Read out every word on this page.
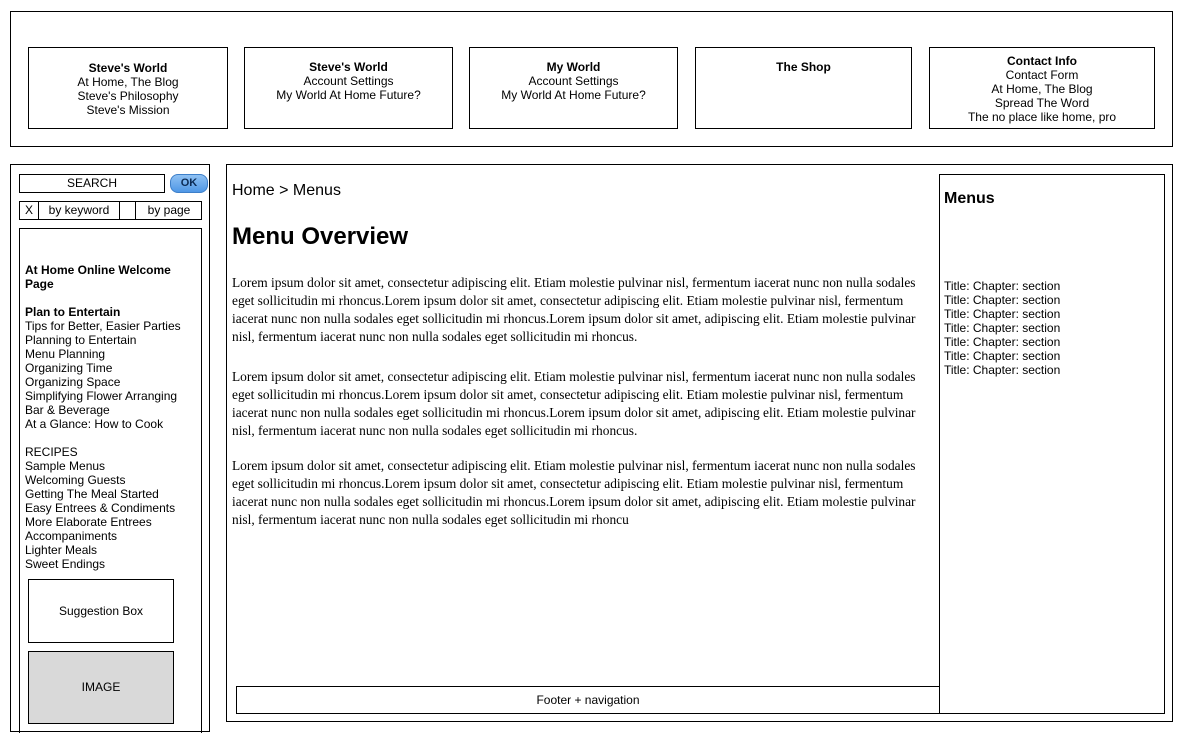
Steve's World
At Home, The Blog
Steve's Philosophy
Steve's Mission
Steve's World
Account Settings
My World At Home Future?
My World
Account Settings
My World At Home Future?
The Shop	Contact Info
Contact Form
At Home, The Blog
Spread The Word
The no place like home, pro
SEARCH	OK
X	by keyword	by page
At Home Online Welcome Page
Plan to Entertain
Tips for Better, Easier Parties
Planning to Entertain
Menu Planning
Organizing Time
Organizing Space
Simplifying Flower Arranging
Bar & Beverage
At a Glance: How to Cook
RECIPES
Sample Menus
Welcoming Guests
Getting The Meal Started
Easy Entrees & Condiments
More Elaborate Entrees
Accompaniments
Lighter Meals
Sweet Endings
Suggestion Box
IMAGE
Home > Menus
Menu Overview

Lorem ipsum dolor sit amet, consectetur adipiscing elit. Etiam molestie pulvinar nisl, fermentum iacerat nunc non nulla sodales eget sollicitudin mi rhoncus.Lorem ipsum dolor sit amet, consectetur adipiscing elit. Etiam molestie pulvinar nisl, fermentum iacerat nunc non nulla sodales eget sollicitudin mi rhoncus.Lorem ipsum dolor sit amet, adipiscing elit. Etiam molestie pulvinar nisl, fermentum iacerat nunc non nulla sodales eget sollicitudin mi rhoncus.

Lorem ipsum dolor sit amet, consectetur adipiscing elit. Etiam molestie pulvinar nisl, fermentum iacerat nunc non nulla sodales eget sollicitudin mi rhoncus.Lorem ipsum dolor sit amet, consectetur adipiscing elit. Etiam molestie pulvinar nisl, fermentum iacerat nunc non nulla sodales eget sollicitudin mi rhoncus.Lorem ipsum dolor sit amet, adipiscing elit. Etiam molestie pulvinar nisl, fermentum iacerat nunc non nulla sodales eget sollicitudin mi rhoncus.

Lorem ipsum dolor sit amet, consectetur adipiscing elit. Etiam molestie pulvinar nisl, fermentum iacerat nunc non nulla sodales eget sollicitudin mi rhoncus.Lorem ipsum dolor sit amet, consectetur adipiscing elit. Etiam molestie pulvinar nisl, fermentum iacerat nunc non nulla sodales eget sollicitudin mi rhoncus.Lorem ipsum dolor sit amet, adipiscing elit. Etiam molestie pulvinar nisl, fermentum iacerat nunc non nulla sodales eget sollicitudin mi rhoncu

Footer + navigation
Menus
Title: Chapter: section
Title: Chapter: section
Title: Chapter: section
Title: Chapter: section
Title: Chapter: section
Title: Chapter: section
Title: Chapter: section
